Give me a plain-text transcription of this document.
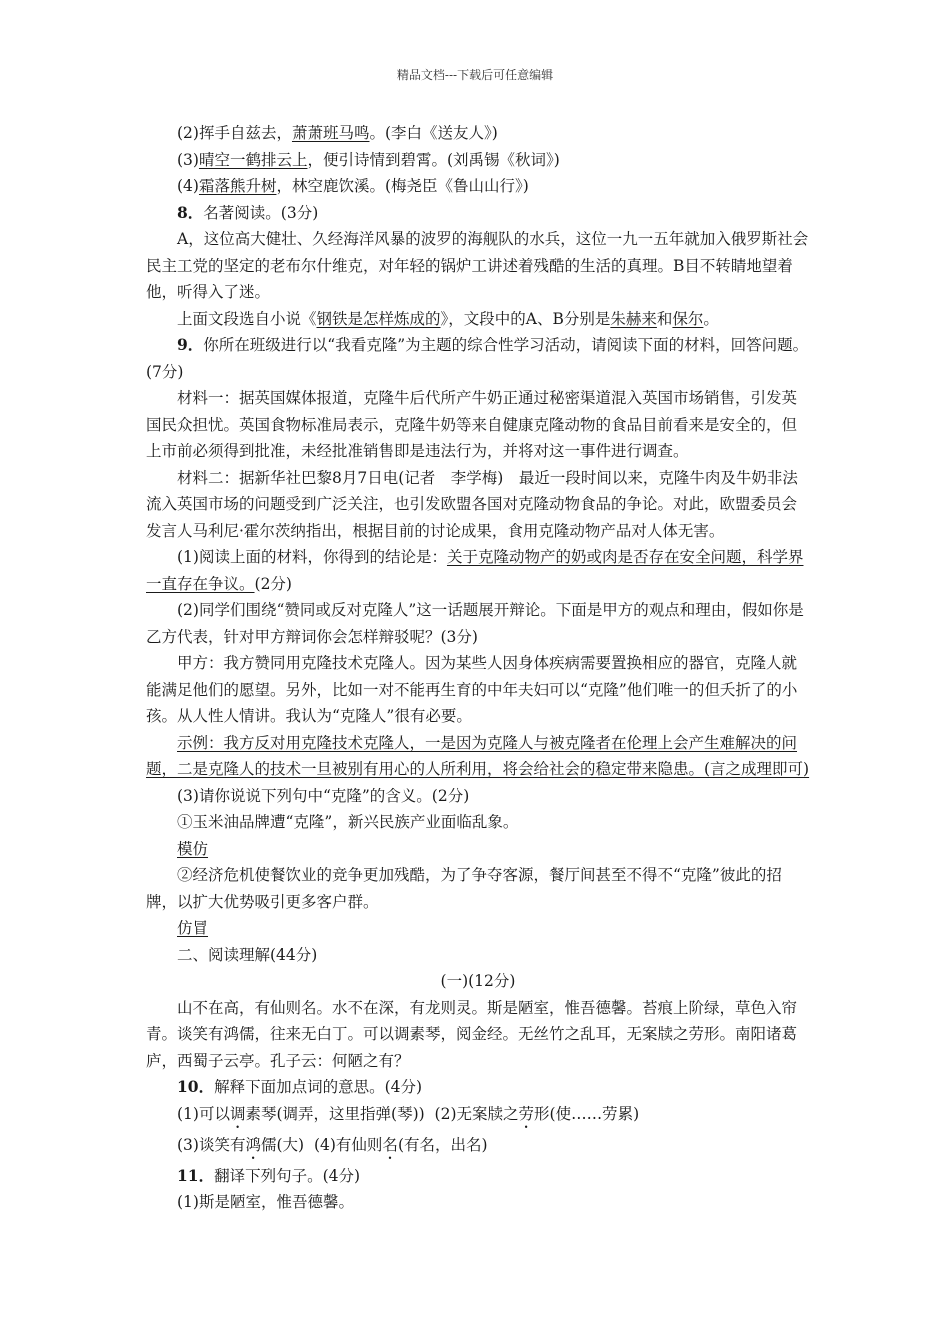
精品文档---下载后可任意编辑

(2)挥手自兹去，萧萧班马鸣。(李白《送友人》)

(3)晴空一鹤排云上，便引诗情到碧霄。(刘禹锡《秋词》)

(4)霜落熊升树，林空鹿饮溪。(梅尧臣《鲁山山行》)

8．名著阅读。(3分)

A，这位高大健壮、久经海洋风暴的波罗的海舰队的水兵，这位一九一五年就加入俄罗斯社会民主工党的坚定的老布尔什维克，对年轻的锅炉工讲述着残酷的生活的真理。B目不转睛地望着他，听得入了迷。

上面文段选自小说《钢铁是怎样炼成的》，文段中的A、B分别是朱赫来和保尔。

9．你所在班级进行以“我看克隆”为主题的综合性学习活动，请阅读下面的材料，回答问题。(7分)

材料一：据英国媒体报道，克隆牛后代所产牛奶正通过秘密渠道混入英国市场销售，引发英国民众担忧。英国食物标准局表示，克隆牛奶等来自健康克隆动物的食品目前看来是安全的，但上市前必须得到批准，未经批准销售即是违法行为，并将对这一事件进行调查。

材料二：据新华社巴黎8月7日电(记者　李学梅)　最近一段时间以来，克隆牛肉及牛奶非法流入英国市场的问题受到广泛关注，也引发欧盟各国对克隆动物食品的争论。对此，欧盟委员会发言人马利尼·霍尔茨纳指出，根据目前的讨论成果，食用克隆动物产品对人体无害。

(1)阅读上面的材料，你得到的结论是：关于克隆动物产的奶或肉是否存在安全问题，科学界一直存在争议。(2分)

(2)同学们围绕“赞同或反对克隆人”这一话题展开辩论。下面是甲方的观点和理由，假如你是乙方代表，针对甲方辩词你会怎样辩驳呢？(3分)

甲方：我方赞同用克隆技术克隆人。因为某些人因身体疾病需要置换相应的器官，克隆人就能满足他们的愿望。另外，比如一对不能再生育的中年夫妇可以“克隆”他们唯一的但夭折了的小孩。从人性人情讲。我认为“克隆人”很有必要。

示例：我方反对用克隆技术克隆人，一是因为克隆人与被克隆者在伦理上会产生难解决的问题，二是克隆人的技术一旦被别有用心的人所利用，将会给社会的稳定带来隐患。(言之成理即可)

(3)请你说说下列句中“克隆”的含义。(2分)

①玉米油品牌遭“克隆”，新兴民族产业面临乱象。

模仿

②经济危机使餐饮业的竞争更加残酷，为了争夺客源，餐厅间甚至不得不“克隆”彼此的招牌，以扩大优势吸引更多客户群。

仿冒

二、阅读理解(44分)

(一)(12分)

山不在高，有仙则名。水不在深，有龙则灵。斯是陋室，惟吾德馨。苔痕上阶绿，草色入帘青。谈笑有鸿儒，往来无白丁。可以调素琴，阅金经。无丝竹之乱耳，无案牍之劳形。南阳诸葛庐，西蜀子云亭。孔子云：何陋之有？

10．解释下面加点词的意思。(4分)

(1)可以调素琴(调弄，这里指弹(琴)) (2)无案牍之劳形(使……劳累)

(3)谈笑有鸿儒(大) (4)有仙则名(有名，出名)

11．翻译下列句子。(4分)

(1)斯是陋室，惟吾德馨。
